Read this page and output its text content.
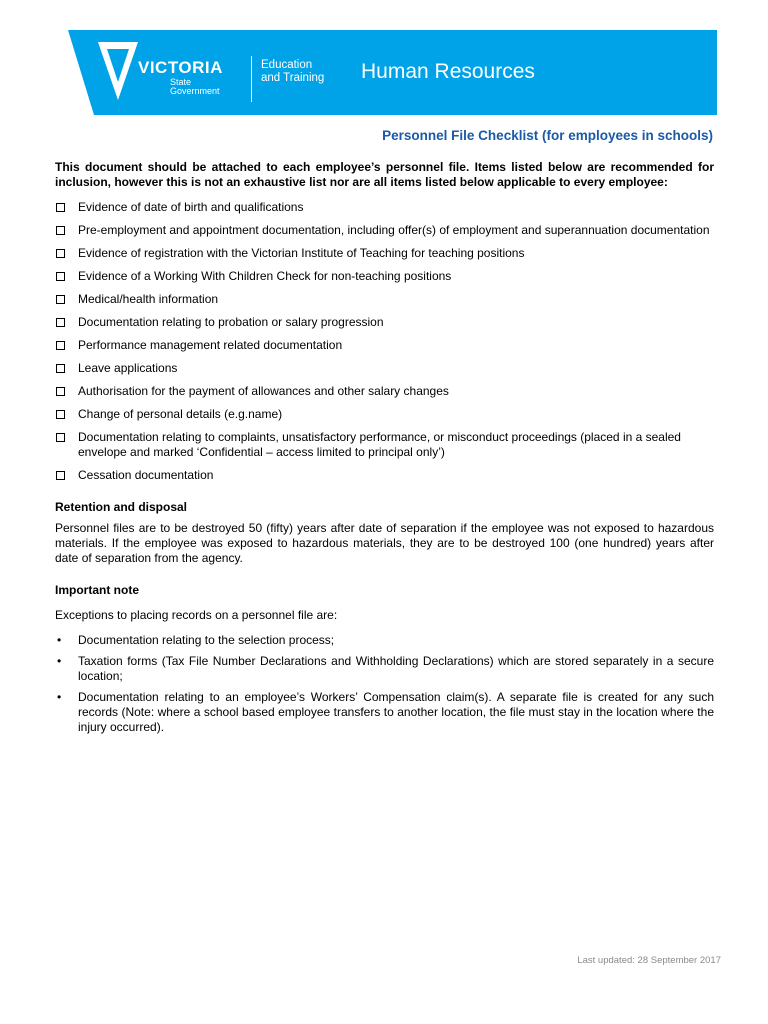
VICTORIA
State
Government
Education
and Training Human Resources
Personnel File Checklist (for employees in schools)

This document should be attached to each employee’s personnel file. Items listed below are recommended for inclusion, however this is not an exhaustive list nor are all items listed below applicable to every employee:

Evidence of date of birth and qualifications
Pre-employment and appointment documentation, including offer(s) of employment and superannuation documentation
Evidence of registration with the Victorian Institute of Teaching for teaching positions
Evidence of a Working With Children Check for non-teaching positions
Medical/health information
Documentation relating to probation or salary progression
Performance management related documentation
Leave applications
Authorisation for the payment of allowances and other salary changes
Change of personal details (e.g.name)
Documentation relating to complaints, unsatisfactory performance, or misconduct proceedings (placed in a sealed envelope and marked ‘Confidential – access limited to principal only’)
Cessation documentation
Retention and disposal

Personnel files are to be destroyed 50 (fifty) years after date of separation if the employee was not exposed to hazardous materials. If the employee was exposed to hazardous materials, they are to be destroyed 100 (one hundred) years after date of separation from the agency.

Important note

Exceptions to placing records on a personnel file are:

• Documentation relating to the selection process;
• Taxation forms (Tax File Number Declarations and Withholding Declarations) which are stored separately in a secure location;
• Documentation relating to an employee’s Workers’ Compensation claim(s). A separate file is created for any such records (Note: where a school based employee transfers to another location, the file must stay in the location where the injury occurred).
Last updated: 28 September 2017
